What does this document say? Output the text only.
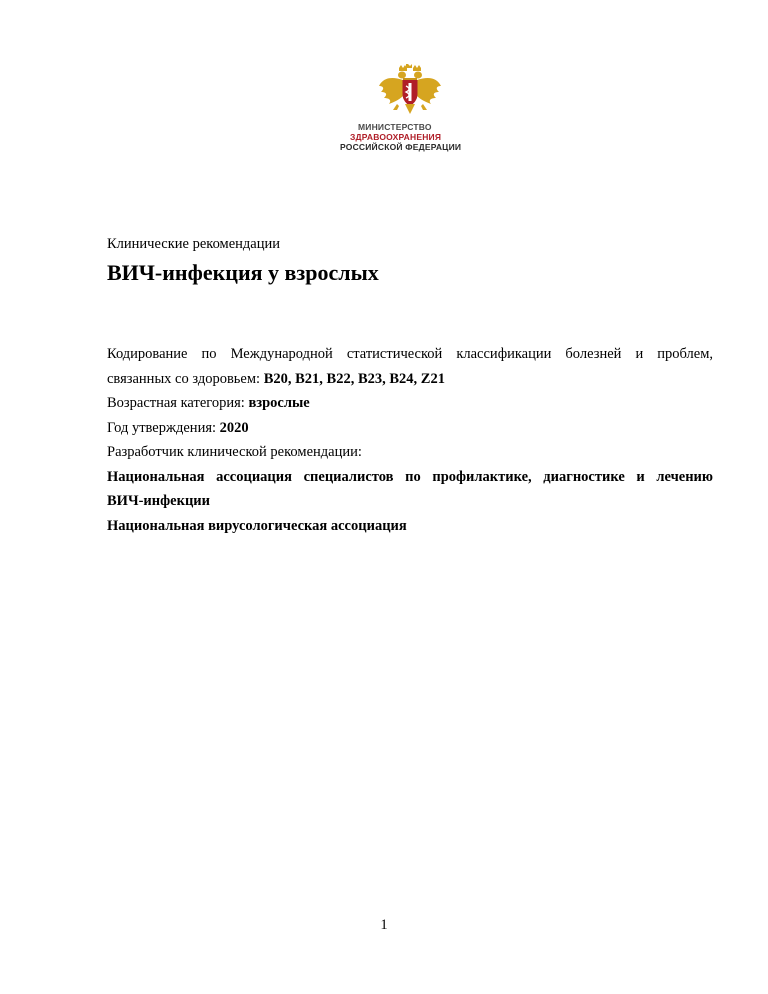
МИНИСТЕРСТВО
ЗДРАВООХРАНЕНИЯ
РОССИЙСКОЙ ФЕДЕРАЦИИ
Клинические рекомендации
ВИЧ-инфекция у взрослых

Кодирование по Международной статистической классификации болезней и проблем,
связанных со здоровьем: B20, B21, B22, B23, B24, Z21

Возрастная категория: взрослые

Год утверждения: 2020

Разработчик клинической рекомендации:

Национальная ассоциация специалистов по профилактике, диагностике и лечению
ВИЧ-инфекции

Национальная вирусологическая ассоциация

1
